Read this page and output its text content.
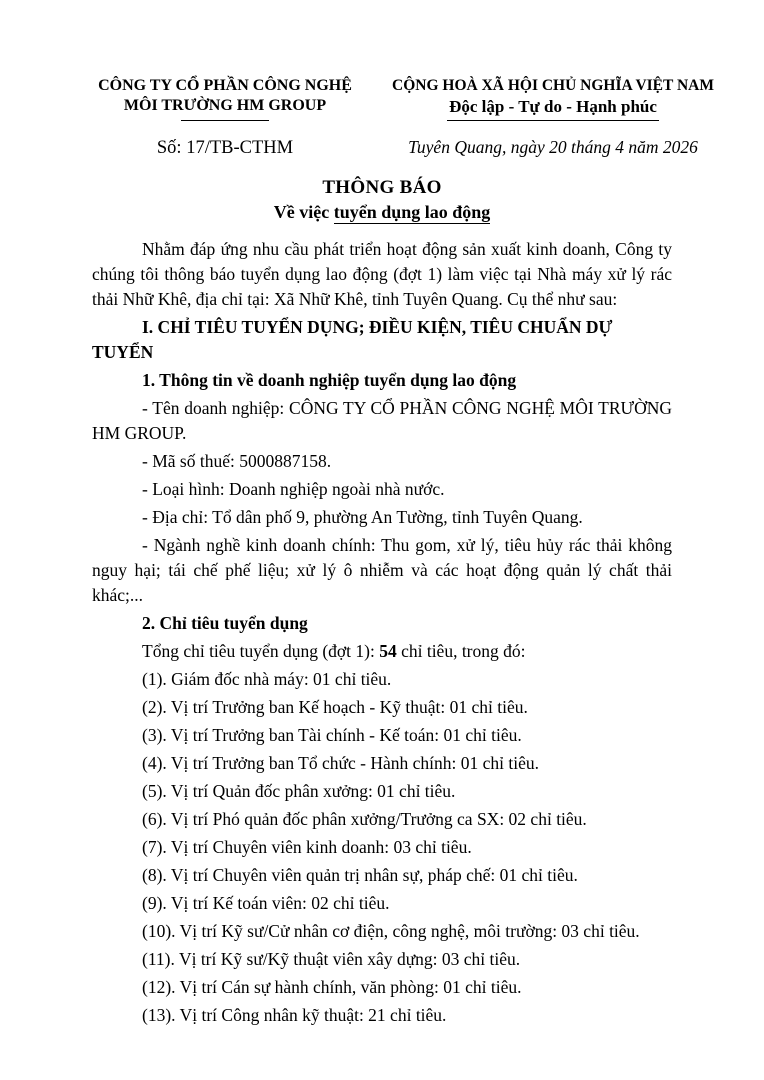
CÔNG TY CỔ PHẦN CÔNG NGHỆ
MÔI TRƯỜNG HM GROUP
Số: 17/TB-CTHM
CỘNG HOÀ XÃ HỘI CHỦ NGHĨA VIỆT NAM
Độc lập - Tự do - Hạnh phúc
Tuyên Quang, ngày 20 tháng 4 năm 2026
THÔNG BÁO
Về việc tuyển dụng lao động

Nhằm đáp ứng nhu cầu phát triển hoạt động sản xuất kinh doanh, Công ty chúng tôi thông báo tuyển dụng lao động (đợt 1) làm việc tại Nhà máy xử lý rác thải Nhữ Khê, địa chỉ tại: Xã Nhữ Khê, tỉnh Tuyên Quang. Cụ thể như sau:

I. CHỈ TIÊU TUYỂN DỤNG; ĐIỀU KIỆN, TIÊU CHUẨN DỰ TUYỂN

1. Thông tin về doanh nghiệp tuyển dụng lao động

- Tên doanh nghiệp: CÔNG TY CỔ PHẦN CÔNG NGHỆ MÔI TRƯỜNG HM GROUP.

- Mã số thuế: 5000887158.

- Loại hình: Doanh nghiệp ngoài nhà nước.

- Địa chỉ: Tổ dân phố 9, phường An Tường, tỉnh Tuyên Quang.

- Ngành nghề kinh doanh chính: Thu gom, xử lý, tiêu hủy rác thải không nguy hại; tái chế phế liệu; xử lý ô nhiễm và các hoạt động quản lý chất thải khác;...

2. Chỉ tiêu tuyển dụng

Tổng chỉ tiêu tuyển dụng (đợt 1): 54 chỉ tiêu, trong đó:

(1). Giám đốc nhà máy: 01 chỉ tiêu.

(2). Vị trí Trưởng ban Kế hoạch - Kỹ thuật: 01 chỉ tiêu.

(3). Vị trí Trưởng ban Tài chính - Kế toán: 01 chỉ tiêu.

(4). Vị trí Trưởng ban Tổ chức - Hành chính: 01 chỉ tiêu.

(5). Vị trí Quản đốc phân xưởng: 01 chỉ tiêu.

(6). Vị trí Phó quản đốc phân xưởng/Trưởng ca SX: 02 chỉ tiêu.

(7). Vị trí Chuyên viên kinh doanh: 03 chỉ tiêu.

(8). Vị trí Chuyên viên quản trị nhân sự, pháp chế: 01 chỉ tiêu.

(9). Vị trí Kế toán viên: 02 chỉ tiêu.

(10). Vị trí Kỹ sư/Cử nhân cơ điện, công nghệ, môi trường: 03 chỉ tiêu.

(11). Vị trí Kỹ sư/Kỹ thuật viên xây dựng: 03 chỉ tiêu.

(12). Vị trí Cán sự hành chính, văn phòng: 01 chỉ tiêu.

(13). Vị trí Công nhân kỹ thuật: 21 chỉ tiêu.
